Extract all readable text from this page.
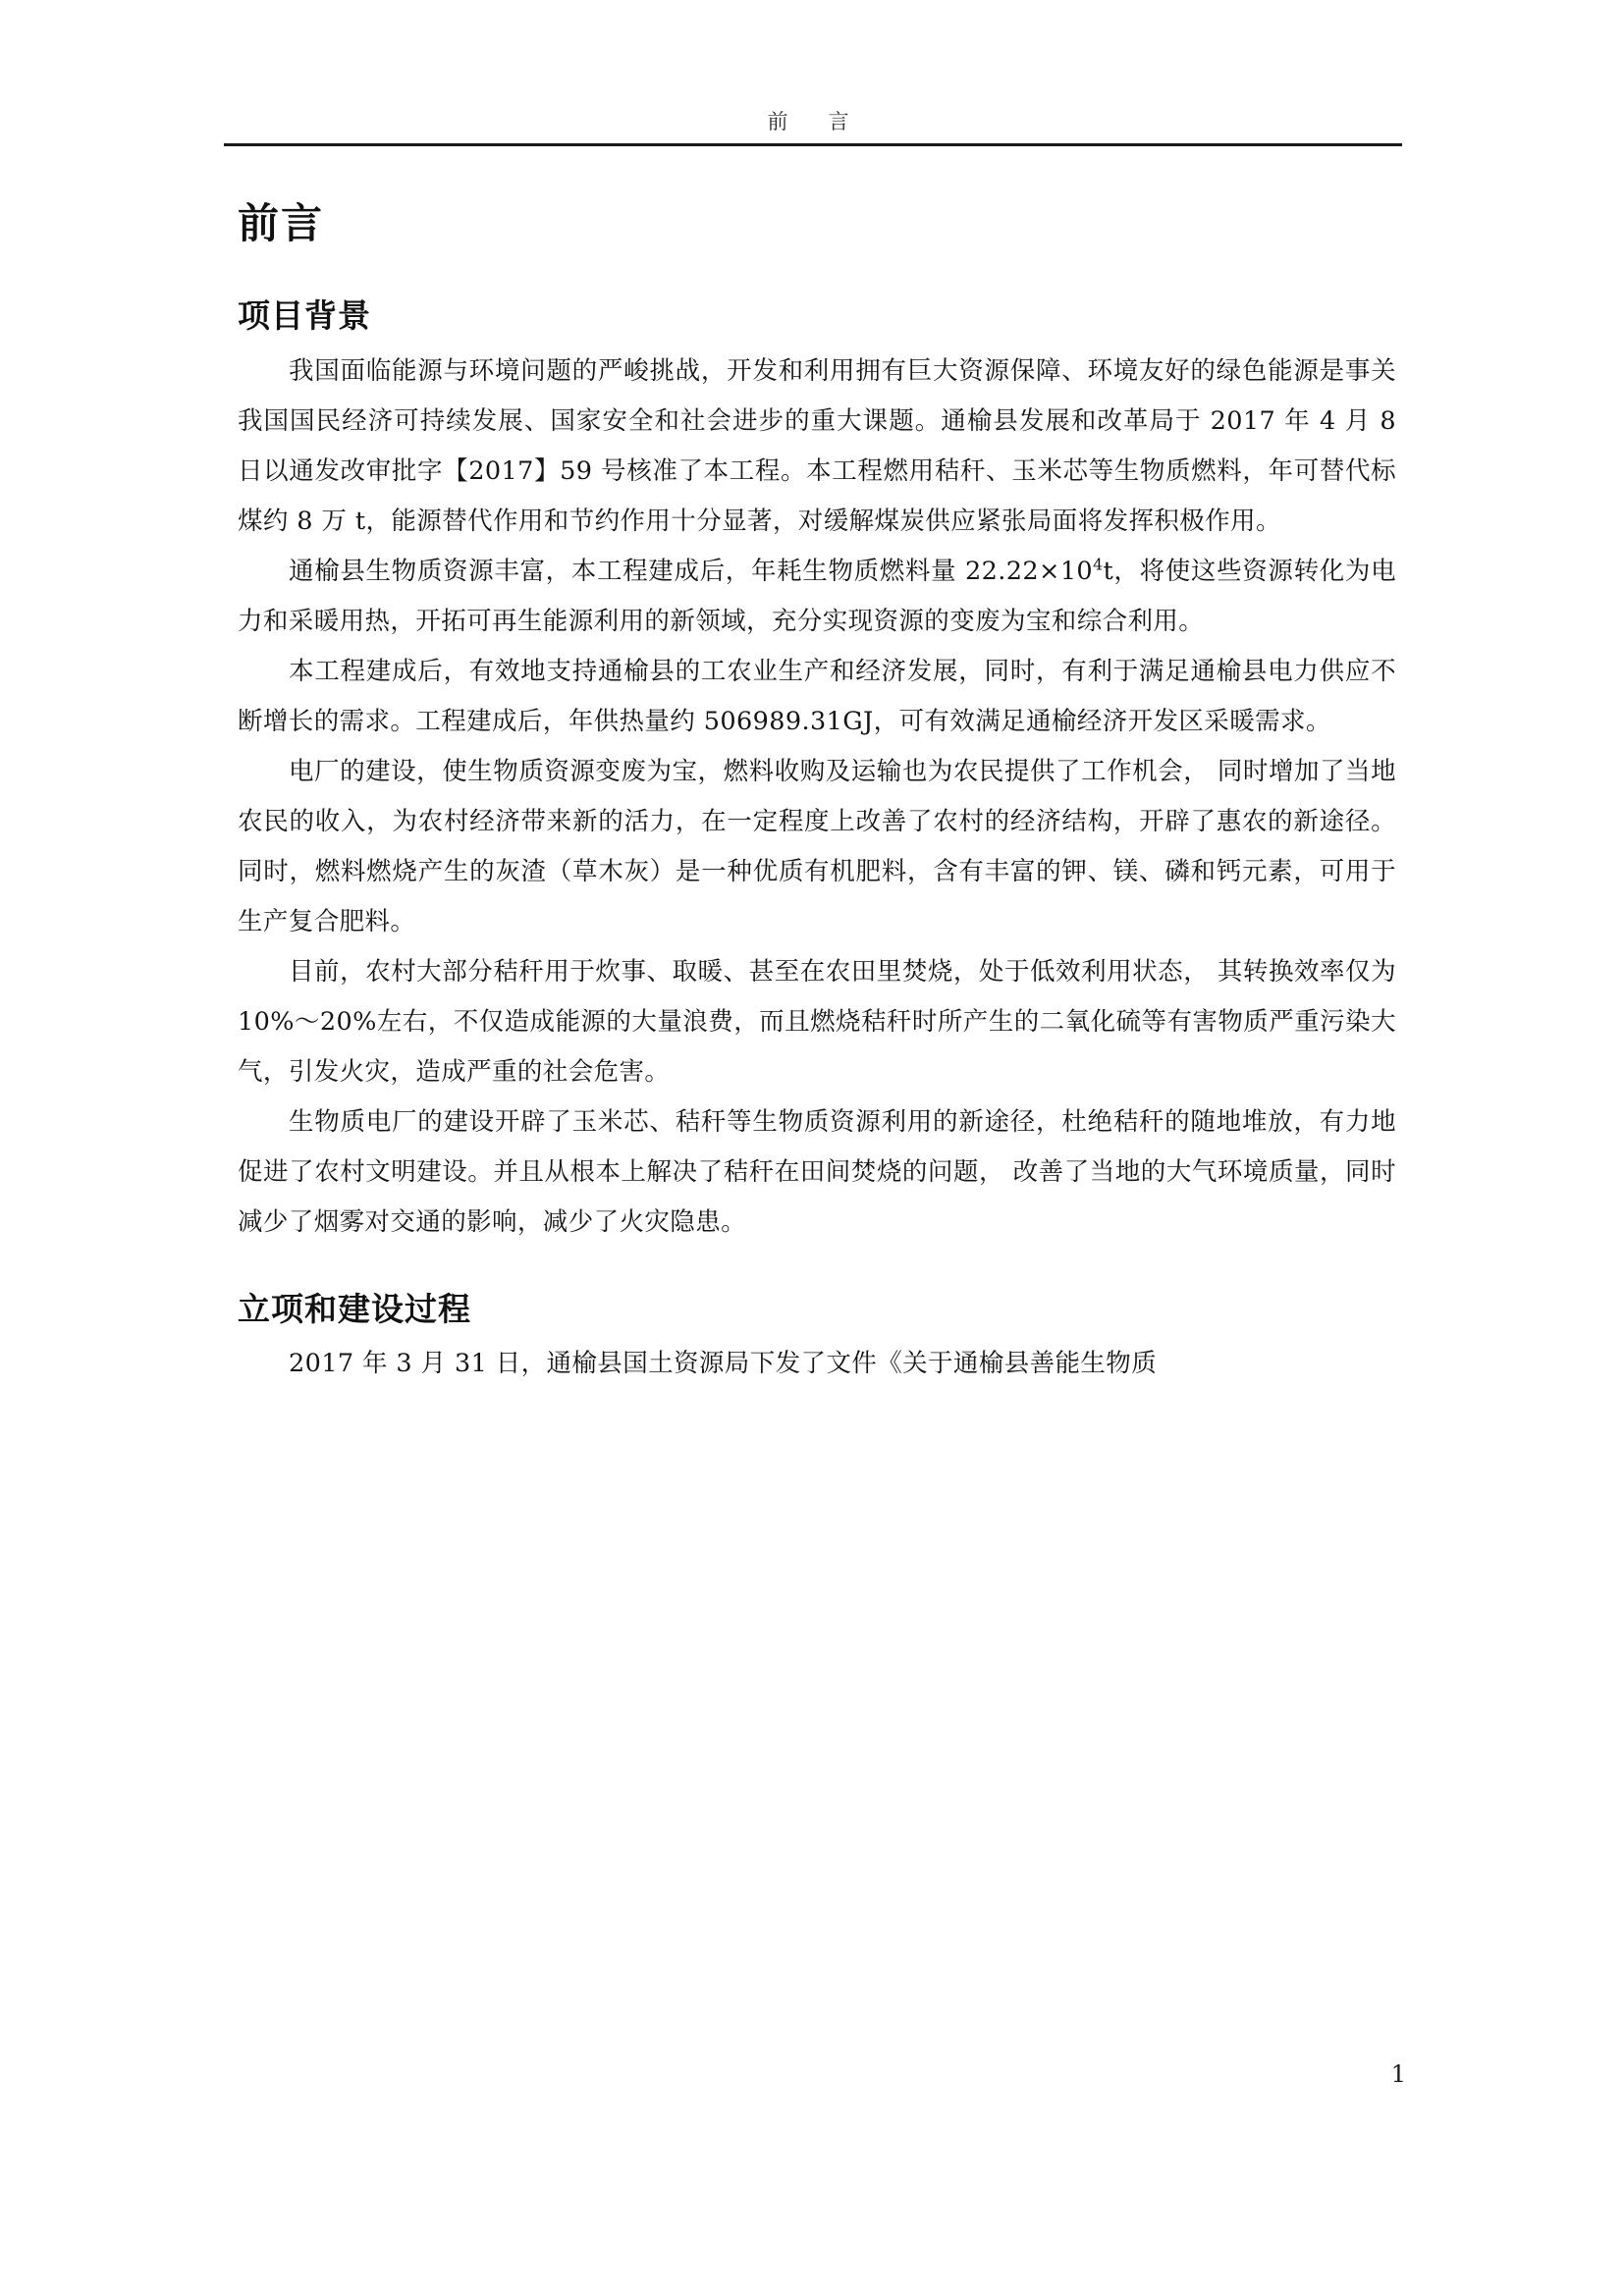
前　言
前言
项目背景

我国面临能源与环境问题的严峻挑战，开发和利用拥有巨大资源保障、环境友好的绿色能源是事关我国国民经济可持续发展、国家安全和社会进步的重大课题。通榆县发展和改革局于 2017 年 4 月 8 日以通发改审批字【2017】59 号核准了本工程。本工程燃用秸秆、玉米芯等生物质燃料，年可替代标煤约 8 万 t，能源替代作用和节约作用十分显著，对缓解煤炭供应紧张局面将发挥积极作用。

通榆县生物质资源丰富，本工程建成后，年耗生物质燃料量 $22.22\times 10^4t$，将使这些资源转化为电力和采暖用热，开拓可再生能源利用的新领域，充分实现资源的变废为宝和综合利用。

本工程建成后，有效地支持通榆县的工农业生产和经济发展，同时，有利于满足通榆县电力供应不断增长的需求。工程建成后，年供热量约 506989.31GJ，可有效满足通榆经济开发区采暖需求。

电厂的建设，使生物质资源变废为宝，燃料收购及运输也为农民提供了工作机会， 同时增加了当地农民的收入，为农村经济带来新的活力，在一定程度上改善了农村的经济结构，开辟了惠农的新途径。同时，燃料燃烧产生的灰渣（草木灰）是一种优质有机肥料，含有丰富的钾、镁、磷和钙元素，可用于生产复合肥料。

目前，农村大部分秸秆用于炊事、取暖、甚至在农田里焚烧，处于低效利用状态， 其转换效率仅为 10%～20%左右，不仅造成能源的大量浪费，而且燃烧秸秆时所产生的二氧化硫等有害物质严重污染大气，引发火灾，造成严重的社会危害。

生物质电厂的建设开辟了玉米芯、秸秆等生物质资源利用的新途径，杜绝秸秆的随地堆放，有力地促进了农村文明建设。并且从根本上解决了秸秆在田间焚烧的问题， 改善了当地的大气环境质量，同时减少了烟雾对交通的影响，减少了火灾隐患。

立项和建设过程

2017 年 3 月 31 日，通榆县国土资源局下发了文件《关于通榆县善能生物质

1
